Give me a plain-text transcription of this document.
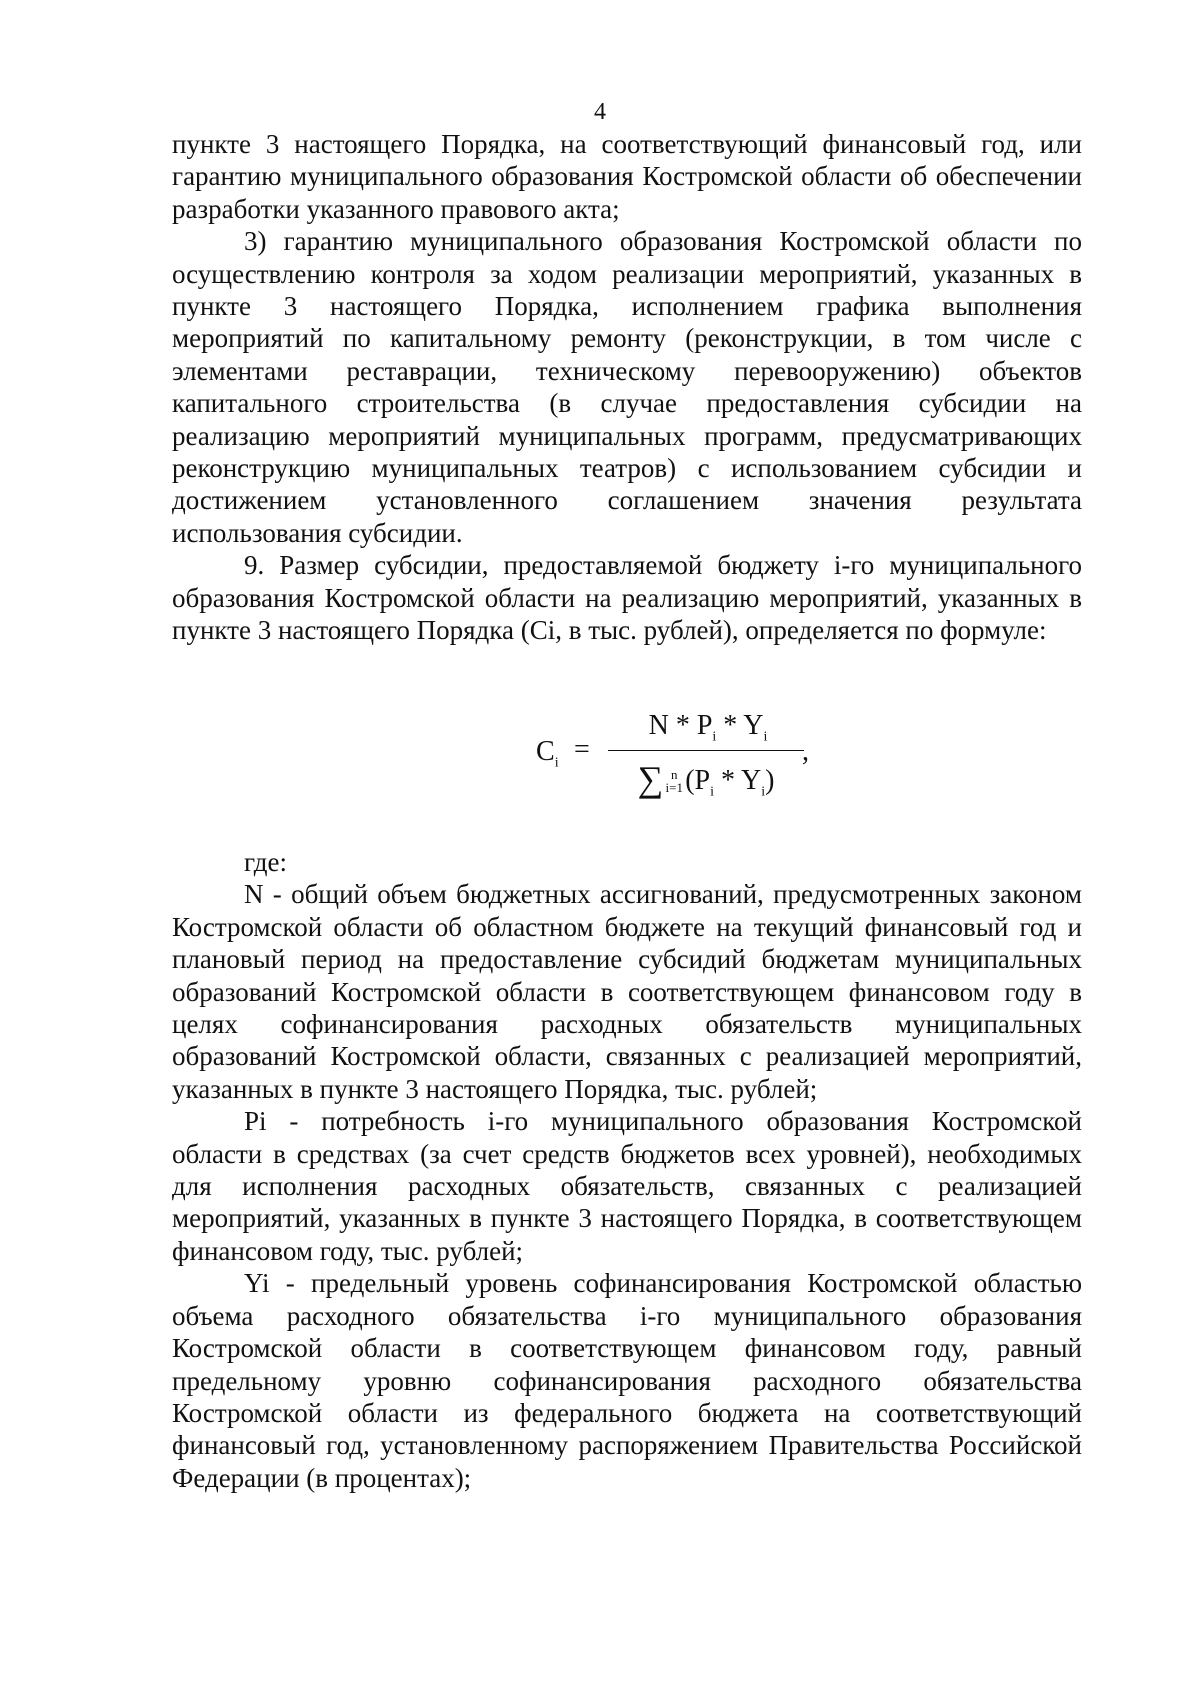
4

пункте 3 настоящего Порядка, на соответствующий финансовый год, или гарантию муниципального образования Костромской области об обеспечении разработки указанного правового акта;

3) гарантию муниципального образования Костромской области по осуществлению контроля за ходом реализации мероприятий, указанных в пункте 3 настоящего Порядка, исполнением графика выполнения мероприятий по капитальному ремонту (реконструкции, в том числе с элементами реставрации, техническому перевооружению) объектов капитального строительства (в случае предоставления субсидии на реализацию мероприятий муниципальных программ, предусматривающих реконструкцию муниципальных театров) с использованием субсидии и достижением установленного соглашением значения результата использования субсидии.

9. Размер субсидии, предоставляемой бюджету i-го муниципального образования Костромской области на реализацию мероприятий, указанных в пункте 3 настоящего Порядка (Ci, в тыс. рублей), определяется по формуле:

$C_i$ =
N * $P_i * Y_i$
∑ n
i=1 $(P_i * Y_i)$
,

где:

N - общий объем бюджетных ассигнований, предусмотренных законом Костромской области об областном бюджете на текущий финансовый год и плановый период на предоставление субсидий бюджетам муниципальных образований Костромской области в соответствующем финансовом году в целях софинансирования расходных обязательств муниципальных образований Костромской области, связанных с реализацией мероприятий, указанных в пункте 3 настоящего Порядка, тыс. рублей;

Pi - потребность i-го муниципального образования Костромской области в средствах (за счет средств бюджетов всех уровней), необходимых для исполнения расходных обязательств, связанных с реализацией мероприятий, указанных в пункте 3 настоящего Порядка, в соответствующем финансовом году, тыс. рублей;

Yi - предельный уровень софинансирования Костромской областью объема расходного обязательства i-го муниципального образования Костромской области в соответствующем финансовом году, равный предельному уровню софинансирования расходного обязательства Костромской области из федерального бюджета на соответствующий финансовый год, установленному распоряжением Правительства Российской Федерации (в процентах);
